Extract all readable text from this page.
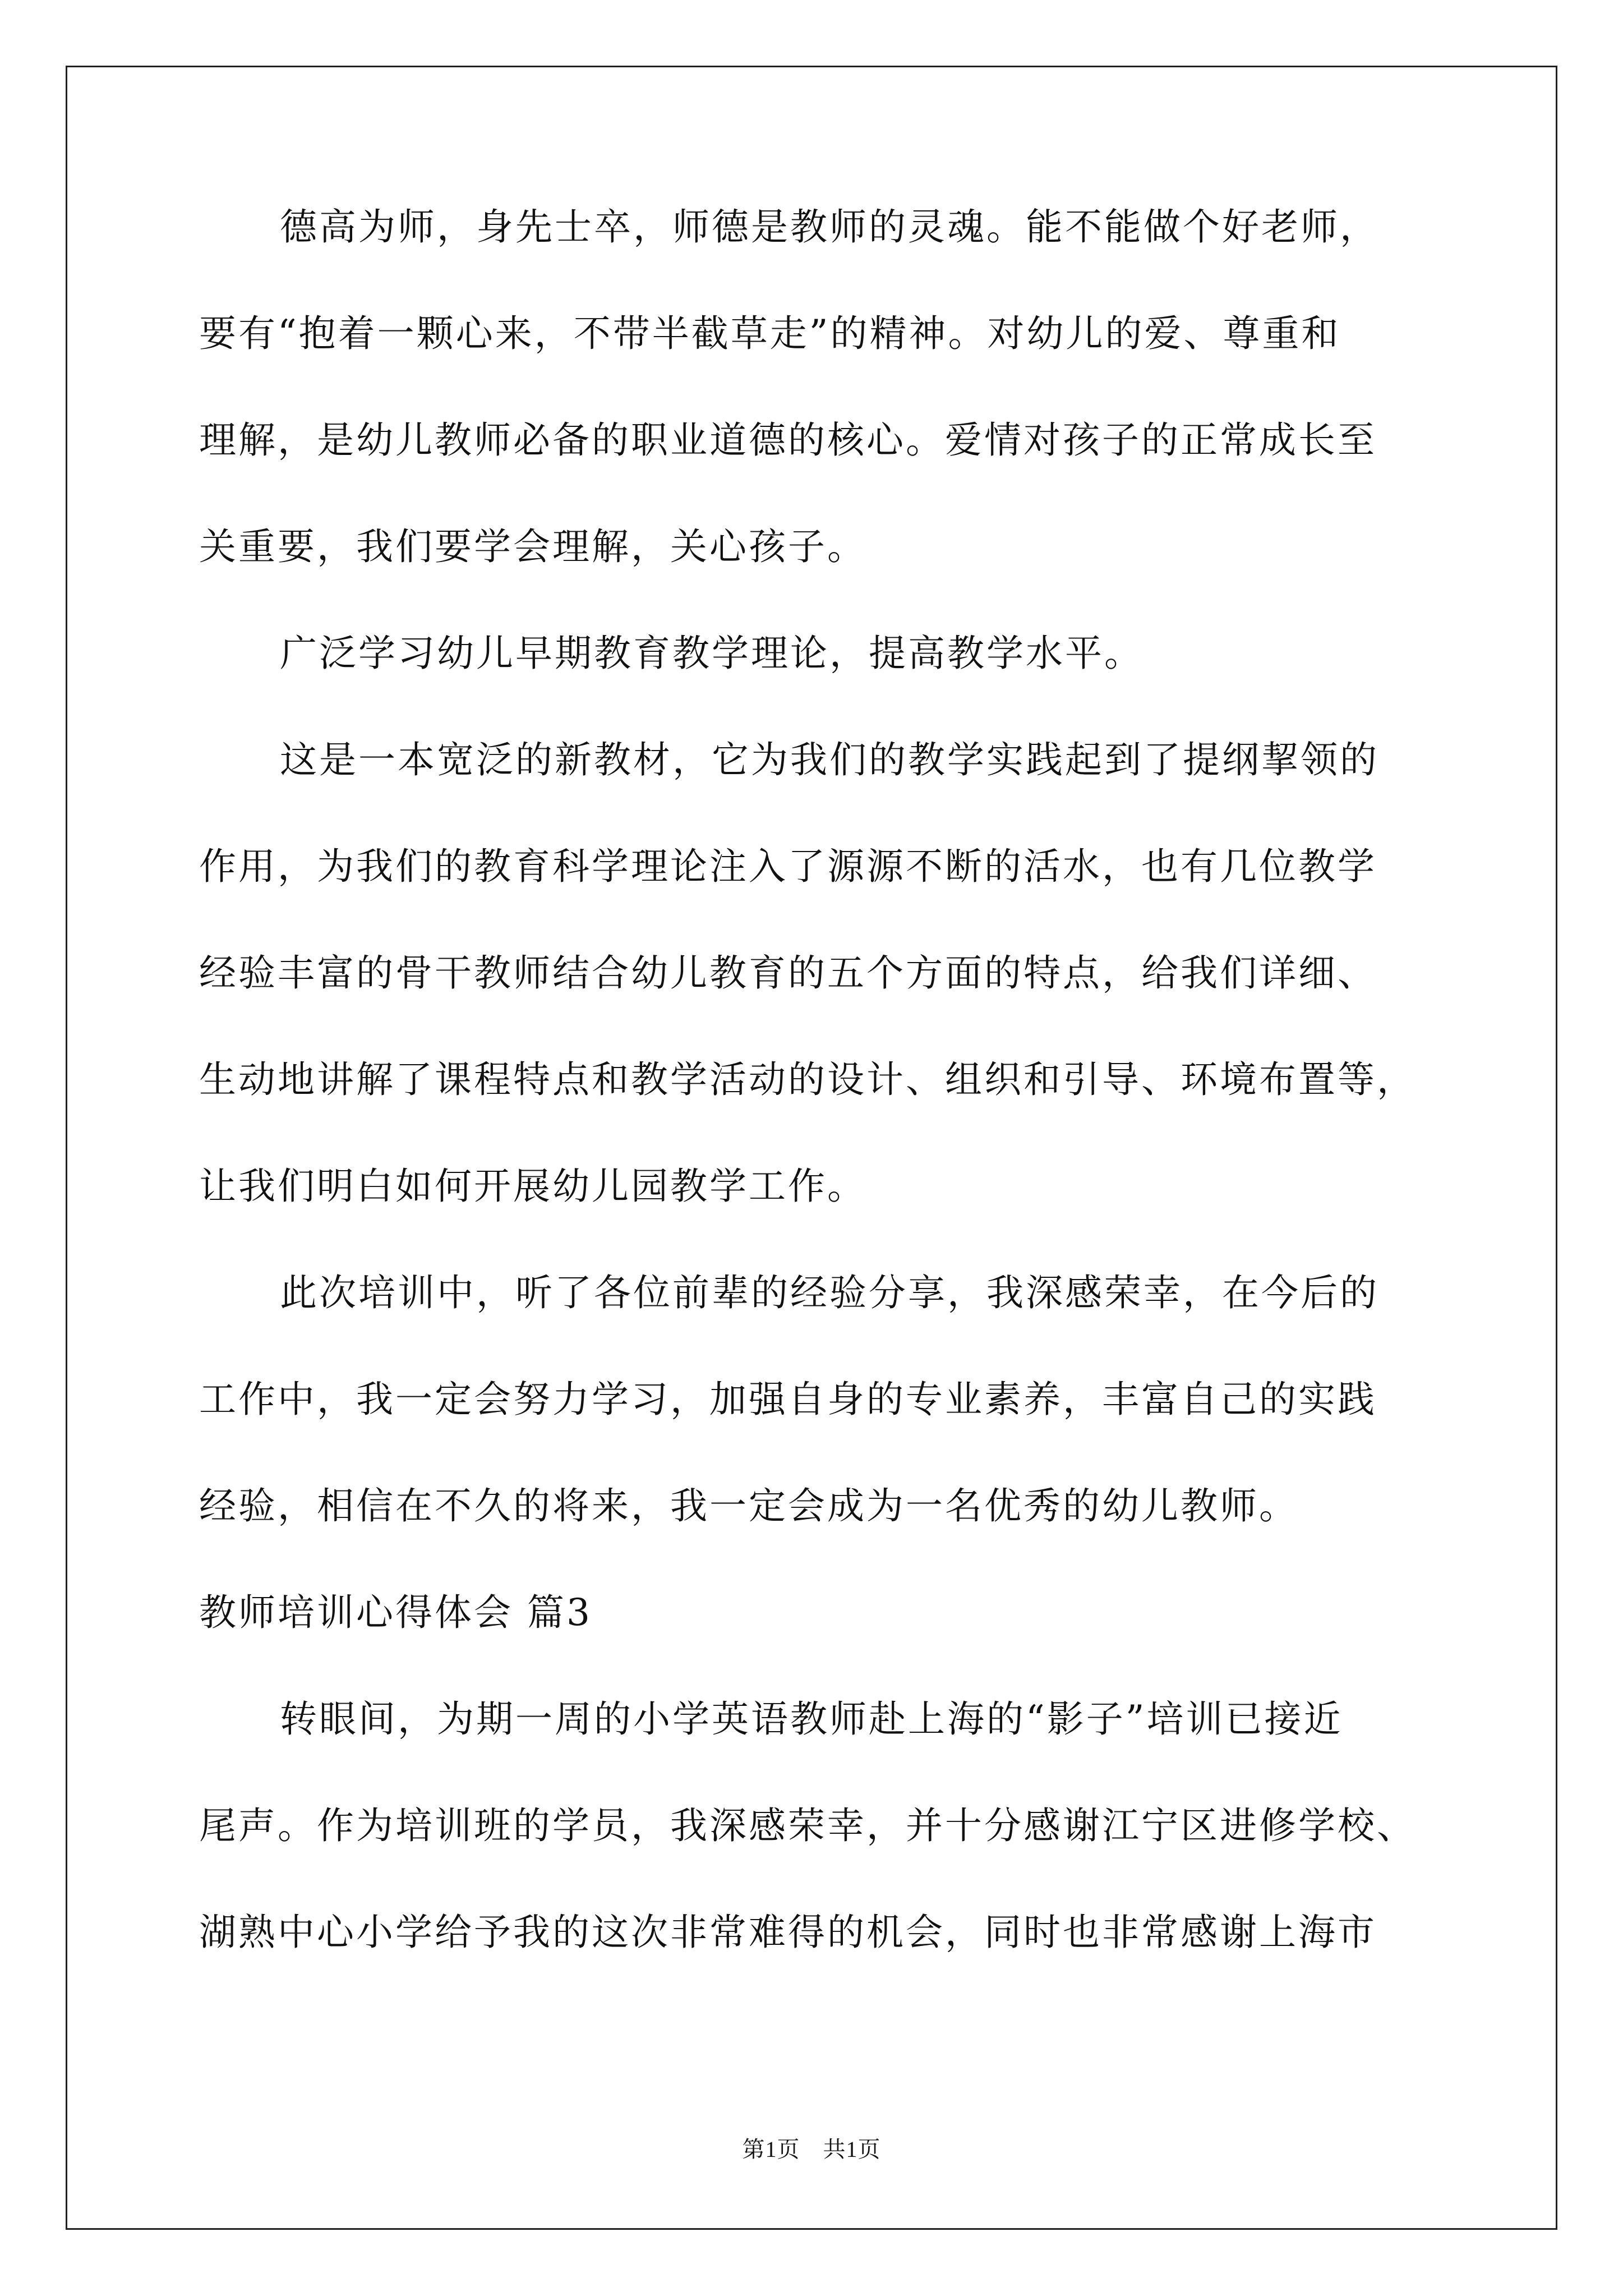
德高为师，身先士卒，师德是教师的灵魂。能不能做个好老师，
要有“抱着一颗心来，不带半截草走”的精神。对幼儿的爱、尊重和
理解，是幼儿教师必备的职业道德的核心。爱情对孩子的正常成长至
关重要，我们要学会理解，关心孩子。
广泛学习幼儿早期教育教学理论，提高教学水平。
这是一本宽泛的新教材，它为我们的教学实践起到了提纲挈领的
作用，为我们的教育科学理论注入了源源不断的活水，也有几位教学
经验丰富的骨干教师结合幼儿教育的五个方面的特点，给我们详细、
生动地讲解了课程特点和教学活动的设计、组织和引导、环境布置等，
让我们明白如何开展幼儿园教学工作。
此次培训中，听了各位前辈的经验分享，我深感荣幸，在今后的
工作中，我一定会努力学习，加强自身的专业素养，丰富自己的实践
经验，相信在不久的将来，我一定会成为一名优秀的幼儿教师。
教师培训心得体会 篇3
转眼间，为期一周的小学英语教师赴上海的“影子”培训已接近
尾声。作为培训班的学员，我深感荣幸，并十分感谢江宁区进修学校、
湖熟中心小学给予我的这次非常难得的机会，同时也非常感谢上海市
第1页　共1页
